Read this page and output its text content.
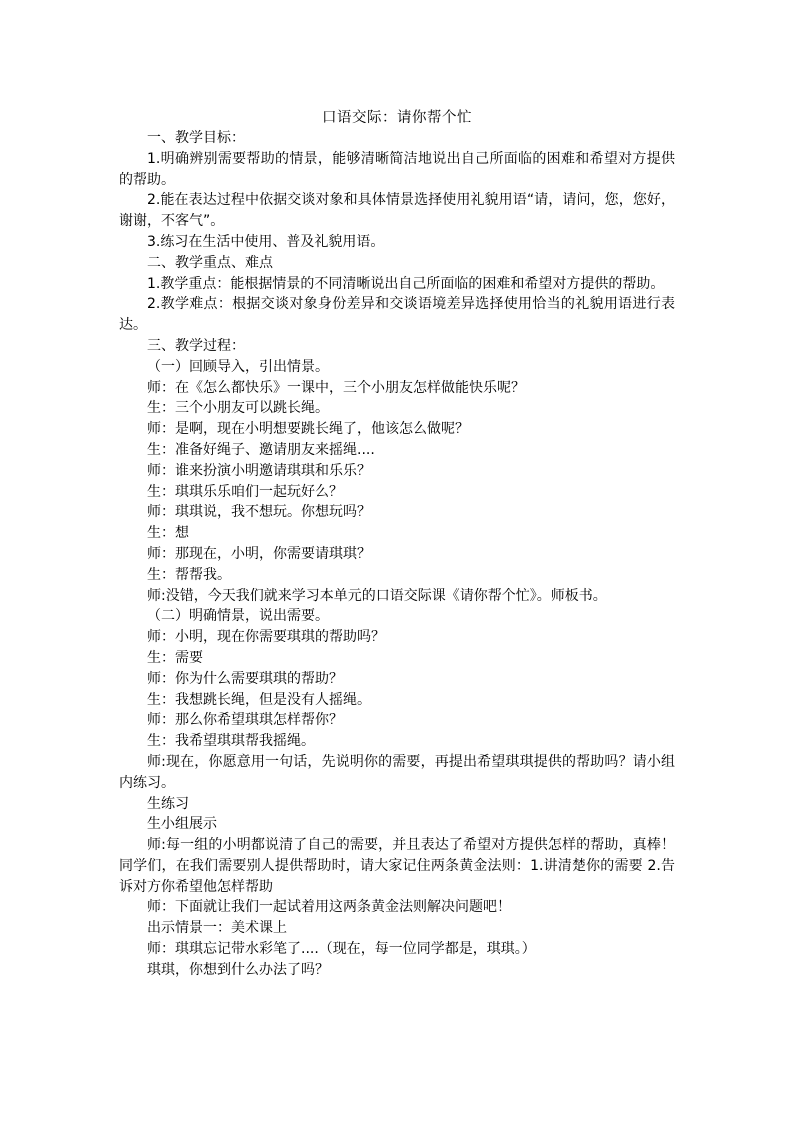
口语交际：请你帮个忙

一、教学目标：

1.明确辨别需要帮助的情景，能够清晰简洁地说出自己所面临的困难和希望对方提供的帮助。

2.能在表达过程中依据交谈对象和具体情景选择使用礼貌用语“请，请问，您，您好，谢谢，不客气”。

3.练习在生活中使用、普及礼貌用语。

二、教学重点、难点

1.教学重点：能根据情景的不同清晰说出自己所面临的困难和希望对方提供的帮助。

2.教学难点：根据交谈对象身份差异和交谈语境差异选择使用恰当的礼貌用语进行表达。

三、教学过程：

（一）回顾导入，引出情景。

师：在《怎么都快乐》一课中，三个小朋友怎样做能快乐呢？

生：三个小朋友可以跳长绳。

师：是啊，现在小明想要跳长绳了，他该怎么做呢？

生：准备好绳子、邀请朋友来摇绳....

师：谁来扮演小明邀请琪琪和乐乐？

生：琪琪乐乐咱们一起玩好么？

师：琪琪说，我不想玩。你想玩吗？

生：想

师：那现在，小明，你需要请琪琪？

生：帮帮我。

师:没错，今天我们就来学习本单元的口语交际课《请你帮个忙》。师板书。

（二）明确情景，说出需要。

师：小明，现在你需要琪琪的帮助吗？

生：需要

师：你为什么需要琪琪的帮助？

生：我想跳长绳，但是没有人摇绳。

师：那么你希望琪琪怎样帮你？

生：我希望琪琪帮我摇绳。

师:现在，你愿意用一句话，先说明你的需要，再提出希望琪琪提供的帮助吗？请小组内练习。

生练习

生小组展示

师:每一组的小明都说清了自己的需要，并且表达了希望对方提供怎样的帮助，真棒！同学们，在我们需要别人提供帮助时，请大家记住两条黄金法则：1.讲清楚你的需要 2.告诉对方你希望他怎样帮助

师：下面就让我们一起试着用这两条黄金法则解决问题吧！

出示情景一：美术课上

师：琪琪忘记带水彩笔了....（现在，每一位同学都是，琪琪。）

琪琪，你想到什么办法了吗？
